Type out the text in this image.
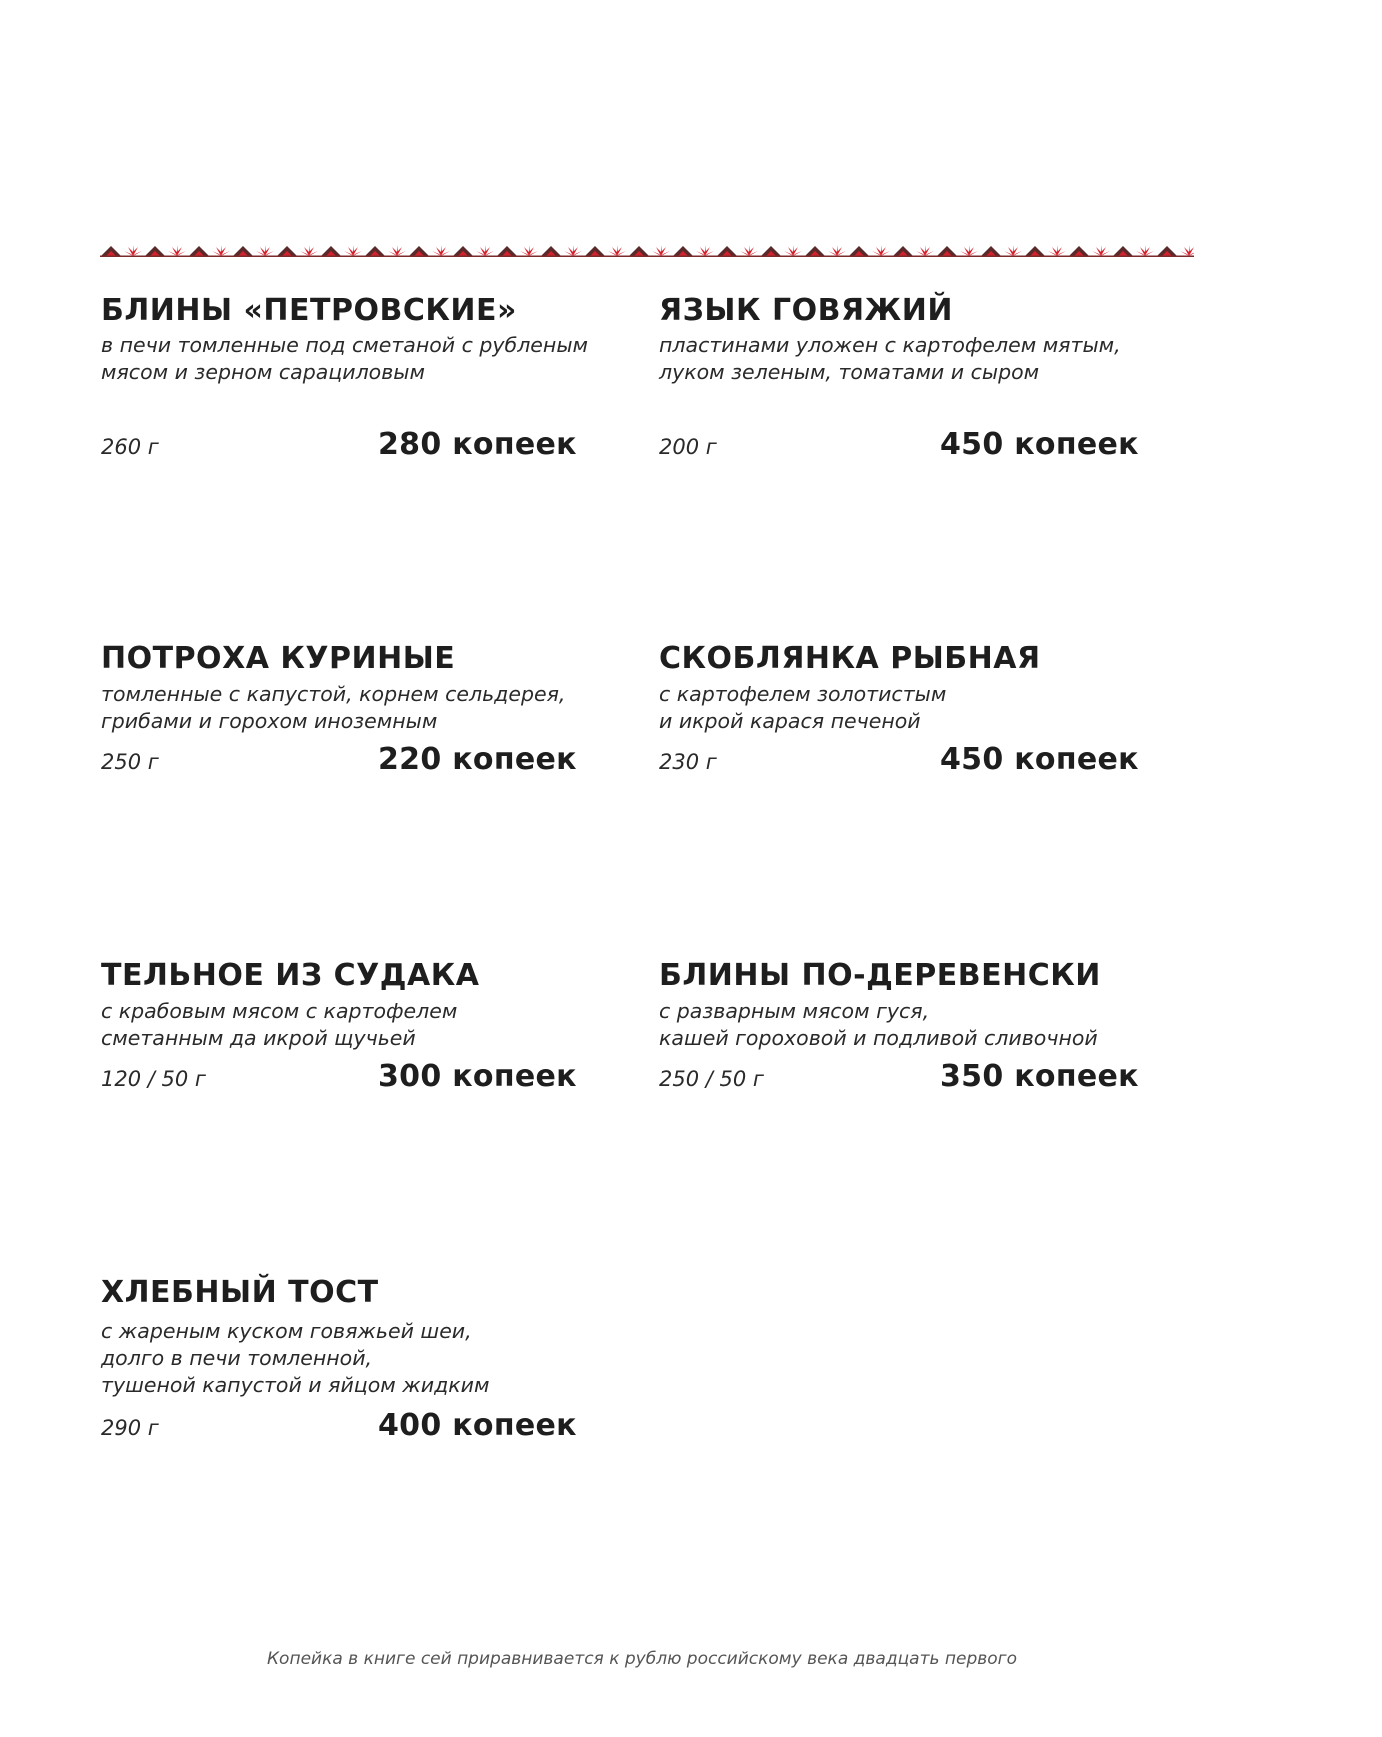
БЛИНЫ «ПЕТРОВСКИЕ»
в печи томленные под сметаной с рубленым
мясом и зерном сарациловым
260 г	280 копеек
ЯЗЫК ГОВЯЖИЙ
пластинами уложен с картофелем мятым,
луком зеленым, томатами и сыром
200 г	450 копеек
ПОТРОХА КУРИНЫЕ
томленные с капустой, корнем сельдерея,
грибами и горохом иноземным
250 г	220 копеек
СКОБЛЯНКА РЫБНАЯ
с картофелем золотистым
и икрой карася печеной
230 г	450 копеек
ТЕЛЬНОЕ ИЗ СУДАКА
с крабовым мясом с картофелем
сметанным да икрой щучьей
120 / 50 г	300 копеек
БЛИНЫ ПО-ДЕРЕВЕНСКИ
с разварным мясом гуся,
кашей гороховой и подливой сливочной
250 / 50 г	350 копеек
ХЛЕБНЫЙ ТОСТ
с жареным куском говяжьей шеи,
долго в печи томленной,
тушеной капустой и яйцом жидким
290 г	400 копеек
Копейка в книге сей приравнивается к рублю российскому века двадцать первого
